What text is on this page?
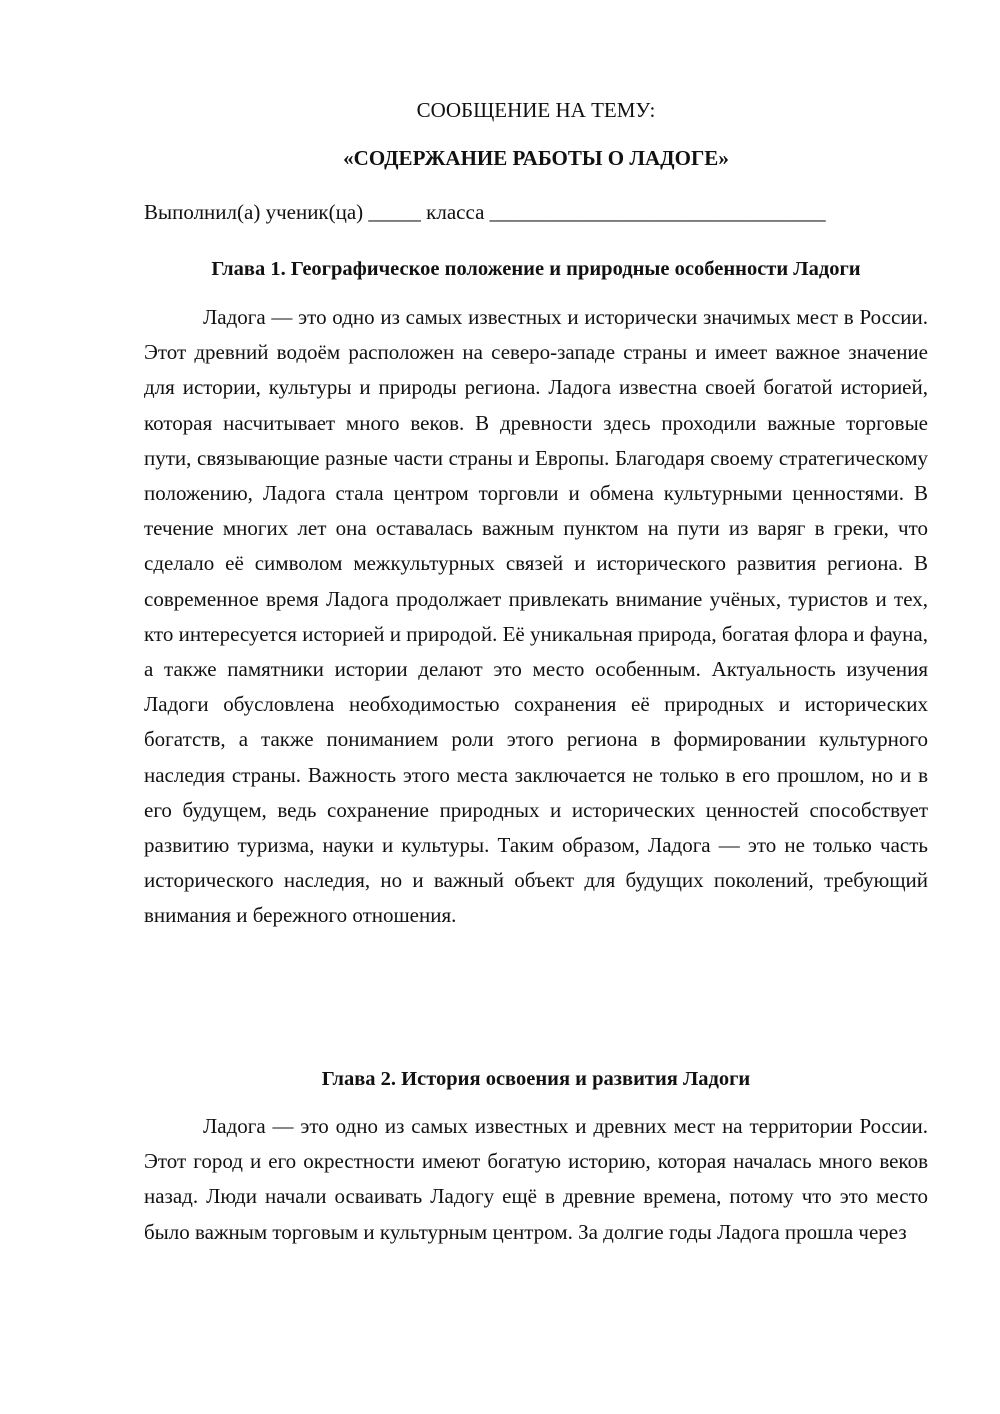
СООБЩЕНИЕ НА ТЕМУ:
«СОДЕРЖАНИЕ РАБОТЫ О ЛАДОГЕ»
Выполнил(а) ученик(ца) _____ класса ________________________________
Глава 1. Географическое положение и природные особенности Ладоги

Ладога — это одно из самых известных и исторически значимых мест в России. Этот древний водоём расположен на северо-западе страны и имеет важное значение для истории, культуры и природы региона. Ладога известна своей богатой историей, которая насчитывает много веков. В древности здесь проходили важные торговые пути, связывающие разные части страны и Европы. Благодаря своему стратегическому положению, Ладога стала центром торговли и обмена культурными ценностями. В течение многих лет она оставалась важным пунктом на пути из варяг в греки, что сделало её символом межкультурных связей и исторического развития региона. В современное время Ладога продолжает привлекать внимание учёных, туристов и тех, кто интересуется историей и природой. Её уникальная природа, богатая флора и фауна, а также памятники истории делают это место особенным. Актуальность изучения Ладоги обусловлена необходимостью сохранения её природных и исторических богатств, а также пониманием роли этого региона в формировании культурного наследия страны. Важность этого места заключается не только в его прошлом, но и в его будущем, ведь сохранение природных и исторических ценностей способствует развитию туризма, науки и культуры. Таким образом, Ладога — это не только часть исторического наследия, но и важный объект для будущих поколений, требующий внимания и бережного отношения.

Глава 2. История освоения и развития Ладоги

Ладога — это одно из самых известных и древних мест на территории России. Этот город и его окрестности имеют богатую историю, которая началась много веков назад. Люди начали осваивать Ладогу ещё в древние времена, потому что это место было важным торговым и культурным центром. За долгие годы Ладога прошла через
